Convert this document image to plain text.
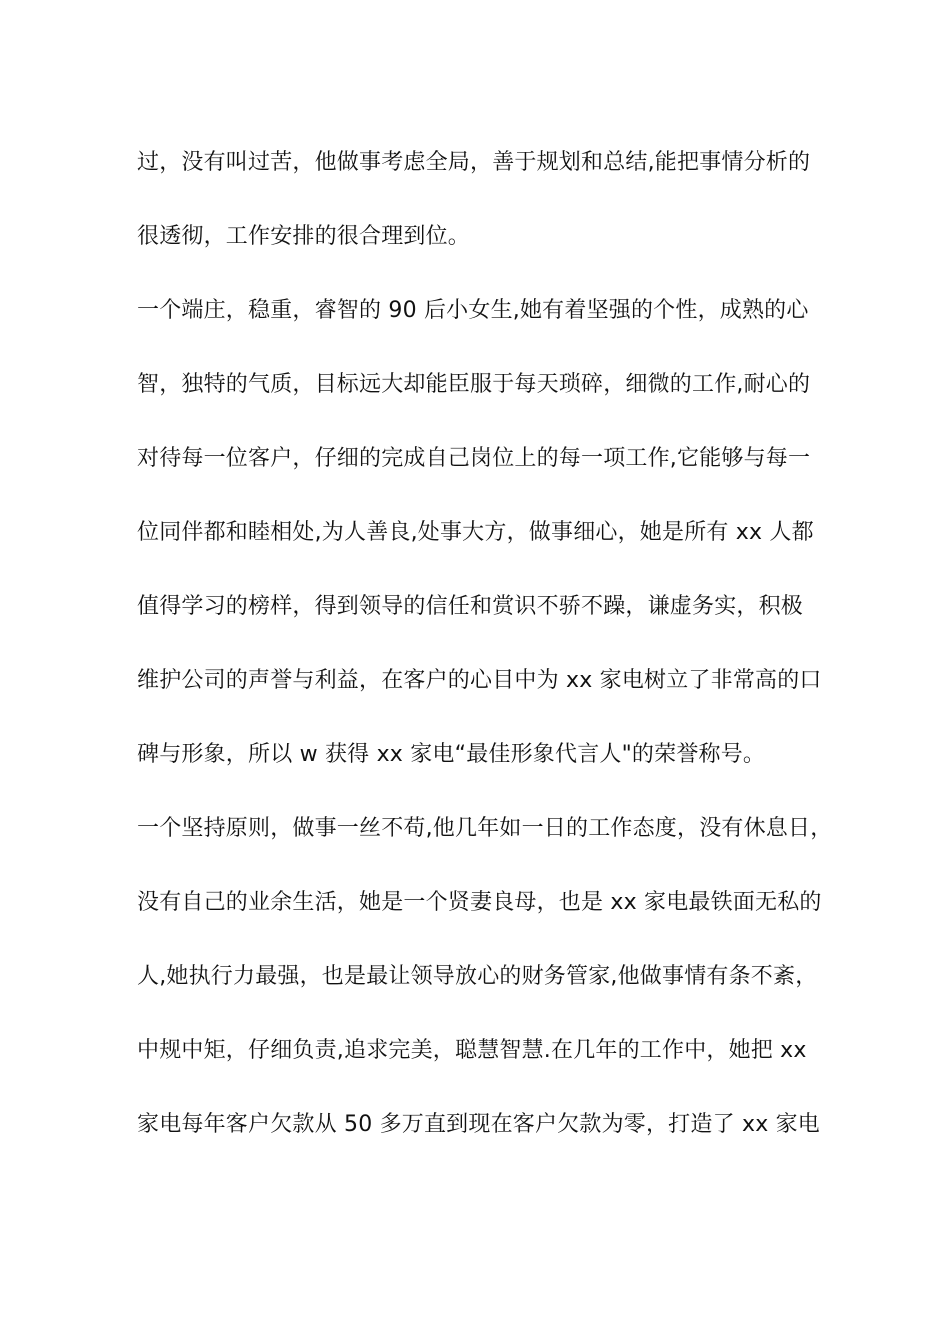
过，没有叫过苦，他做事考虑全局，善于规划和总结,能把事情分析的
很透彻，工作安排的很合理到位。
一个端庄，稳重，睿智的 90 后小女生,她有着坚强的个性，成熟的心
智，独特的气质，目标远大却能臣服于每天琐碎，细微的工作,耐心的
对待每一位客户，仔细的完成自己岗位上的每一项工作,它能够与每一
位同伴都和睦相处,为人善良,处事大方，做事细心，她是所有 xx 人都
值得学习的榜样，得到领导的信任和赏识不骄不躁，谦虚务实，积极
维护公司的声誉与利益，在客户的心目中为 xx 家电树立了非常高的口
碑与形象，所以 w 获得 xx 家电“最佳形象代言人"的荣誉称号。
一个坚持原则，做事一丝不苟,他几年如一日的工作态度，没有休息日，
没有自己的业余生活，她是一个贤妻良母，也是 xx 家电最铁面无私的
人,她执行力最强，也是最让领导放心的财务管家,他做事情有条不紊，
中规中矩，仔细负责,追求完美，聪慧智慧.在几年的工作中，她把 xx
家电每年客户欠款从 50 多万直到现在客户欠款为零，打造了 xx 家电
